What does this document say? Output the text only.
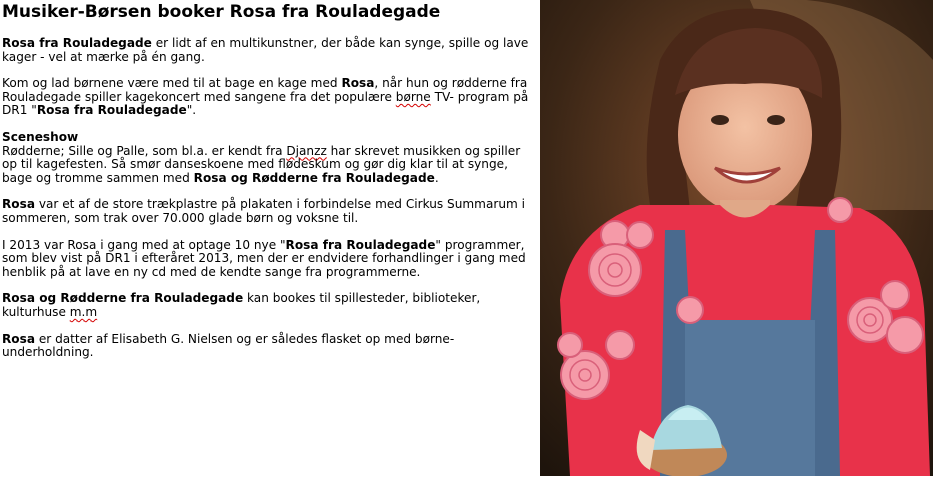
Musiker-Børsen booker Rosa fra Rouladegade

Rosa fra Rouladegade er lidt af en multikunstner, der både kan synge, spille og lave kager - vel at mærke på én gang.

Kom og lad børnene være med til at bage en kage med Rosa, når hun og rødderne fra Rouladegade spiller kagekoncert med sangene fra det populære børne TV- program på DR1 "Rosa fra Rouladegade".

Sceneshow
Rødderne; Sille og Palle, som bl.a. er kendt fra Djanzz har skrevet musikken og spiller op til kagefesten. Så smør danseskoene med flødeskum og gør dig klar til at synge, bage og tromme sammen med Rosa og Rødderne fra Rouladegade.

Rosa var et af de store trækplastre på plakaten i forbindelse med Cirkus Summarum i sommeren, som trak over 70.000 glade børn og voksne til.

I 2013 var Rosa i gang med at optage 10 nye "Rosa fra Rouladegade" programmer, som blev vist på DR1 i efteråret 2013, men der er endvidere forhandlinger i gang med henblik på at lave en ny cd med de kendte sange fra programmerne.

Rosa og Rødderne fra Rouladegade kan bookes til spillesteder, biblioteker, kulturhuse m.m

Rosa er datter af Elisabeth G. Nielsen og er således flasket op med børne- underholdning.
